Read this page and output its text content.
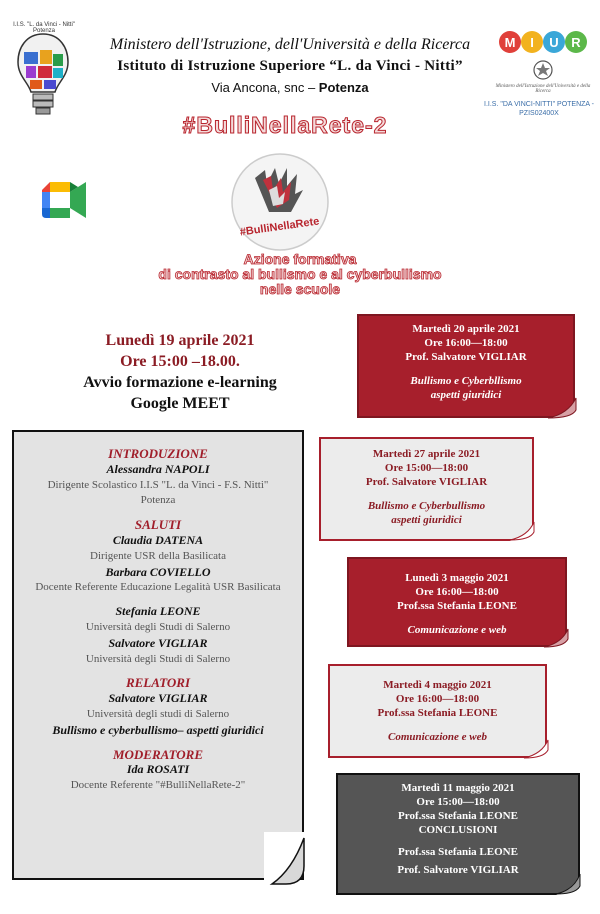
I.I.S. "L. da Vinci - Nitti" Potenza
Ministero dell'Istruzione, dell'Università e della Ricerca
Istituto di Istruzione Superiore “L. da Vinci - Nitti”
Via Ancona, snc – Potenza
M I U R
Ministero dell'Istruzione dell'Università e della Ricerca
I.I.S. "DA VINCI-NITTI" POTENZA -
PZIS02400X
#BulliNellaRete-2
#BulliNellaRete
Azione formativa
di contrasto al bullismo e al cyberbullismo
nelle scuole
Lunedì 19 aprile 2021
Ore 15:00 –18.00.
Avvio formazione e-learning
Google MEET
INTRODUZIONE
Alessandra NAPOLI
Dirigente Scolastico I.I.S "L. da Vinci - F.S. Nitti"
Potenza
SALUTI
Claudia DATENA
Dirigente USR della Basilicata
Barbara COVIELLO
Docente Referente Educazione Legalità USR Basilicata
Stefania LEONE
Università degli Studi di Salerno
Salvatore VIGLIAR
Università degli Studi di Salerno
RELATORI
Salvatore VIGLIAR
Università degli studi di Salerno
Bullismo e cyberbullismo– aspetti giuridici
MODERATORE
Ida ROSATI
Docente Referente "#BulliNellaRete-2"
Martedì 20 aprile 2021
Ore 16:00—18:00
Prof. Salvatore VIGLIAR
Bullismo e Cyberbllismo
aspetti giuridici
Martedì 27 aprile 2021
Ore 15:00—18:00
Prof. Salvatore VIGLIAR
Bullismo e Cyberbullismo
aspetti giuridici
Lunedì 3 maggio 2021
Ore 16:00—18:00
Prof.ssa Stefania LEONE
Comunicazione e web
Martedì 4 maggio 2021
Ore 16:00—18:00
Prof.ssa Stefania LEONE
Comunicazione e web
Martedì 11 maggio 2021
Ore 15:00—18:00
Prof.ssa Stefania LEONE
CONCLUSIONI
Prof.ssa Stefania LEONE
Prof. Salvatore VIGLIAR
